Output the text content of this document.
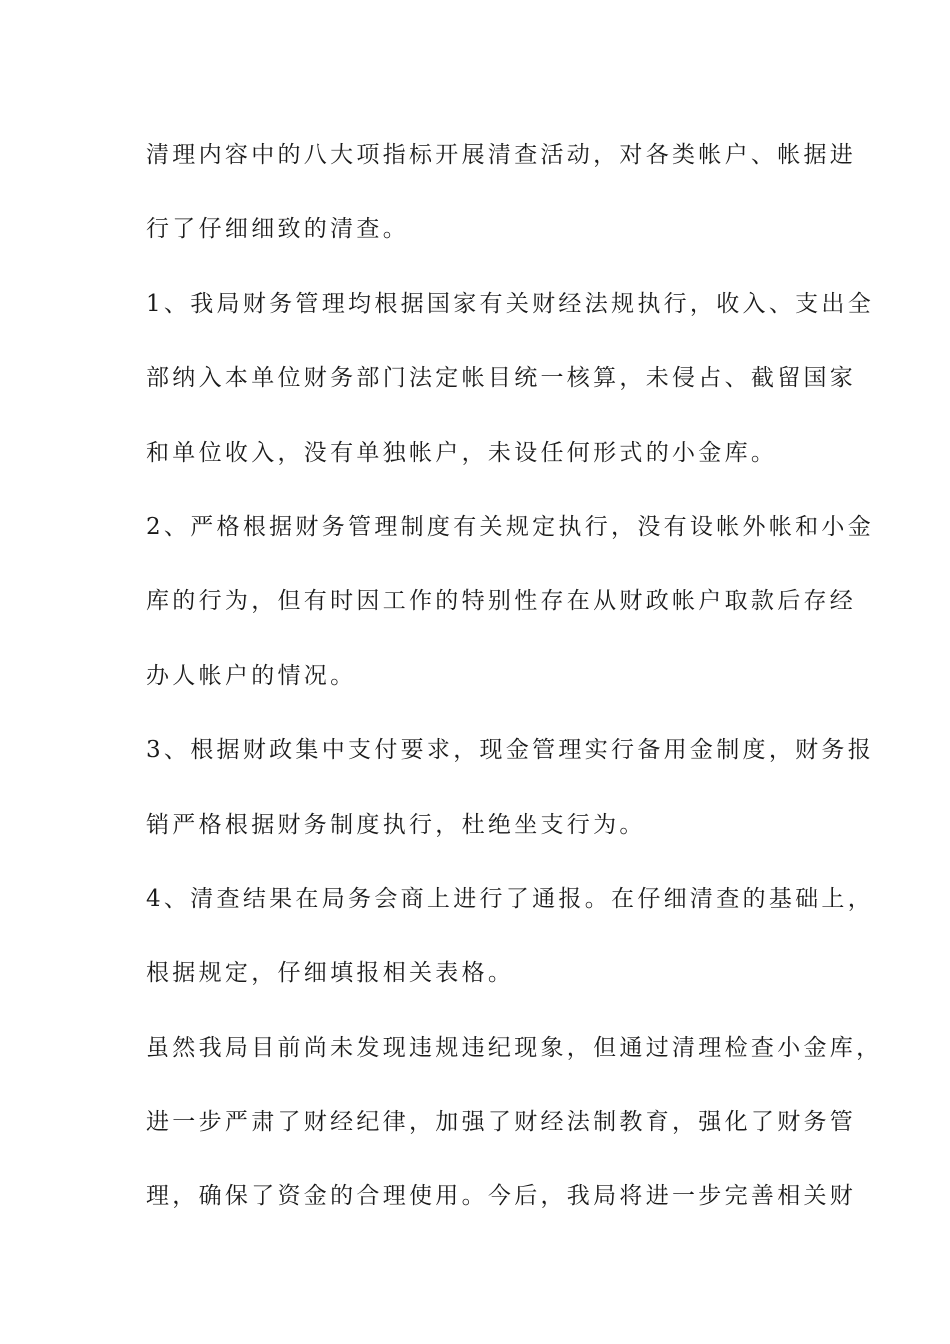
清理内容中的八大项指标开展清查活动，对各类帐户、帐据进
行了仔细细致的清查。
1、我局财务管理均根据国家有关财经法规执行，收入、支出全
部纳入本单位财务部门法定帐目统一核算，未侵占、截留国家
和单位收入，没有单独帐户，未设任何形式的小金库。
2、严格根据财务管理制度有关规定执行，没有设帐外帐和小金
库的行为，但有时因工作的特别性存在从财政帐户取款后存经
办人帐户的情况。
3、根据财政集中支付要求，现金管理实行备用金制度，财务报
销严格根据财务制度执行，杜绝坐支行为。
4、清查结果在局务会商上进行了通报。在仔细清查的基础上，
根据规定，仔细填报相关表格。
虽然我局目前尚未发现违规违纪现象，但通过清理检查小金库，
进一步严肃了财经纪律，加强了财经法制教育，强化了财务管
理，确保了资金的合理使用。今后，我局将进一步完善相关财
